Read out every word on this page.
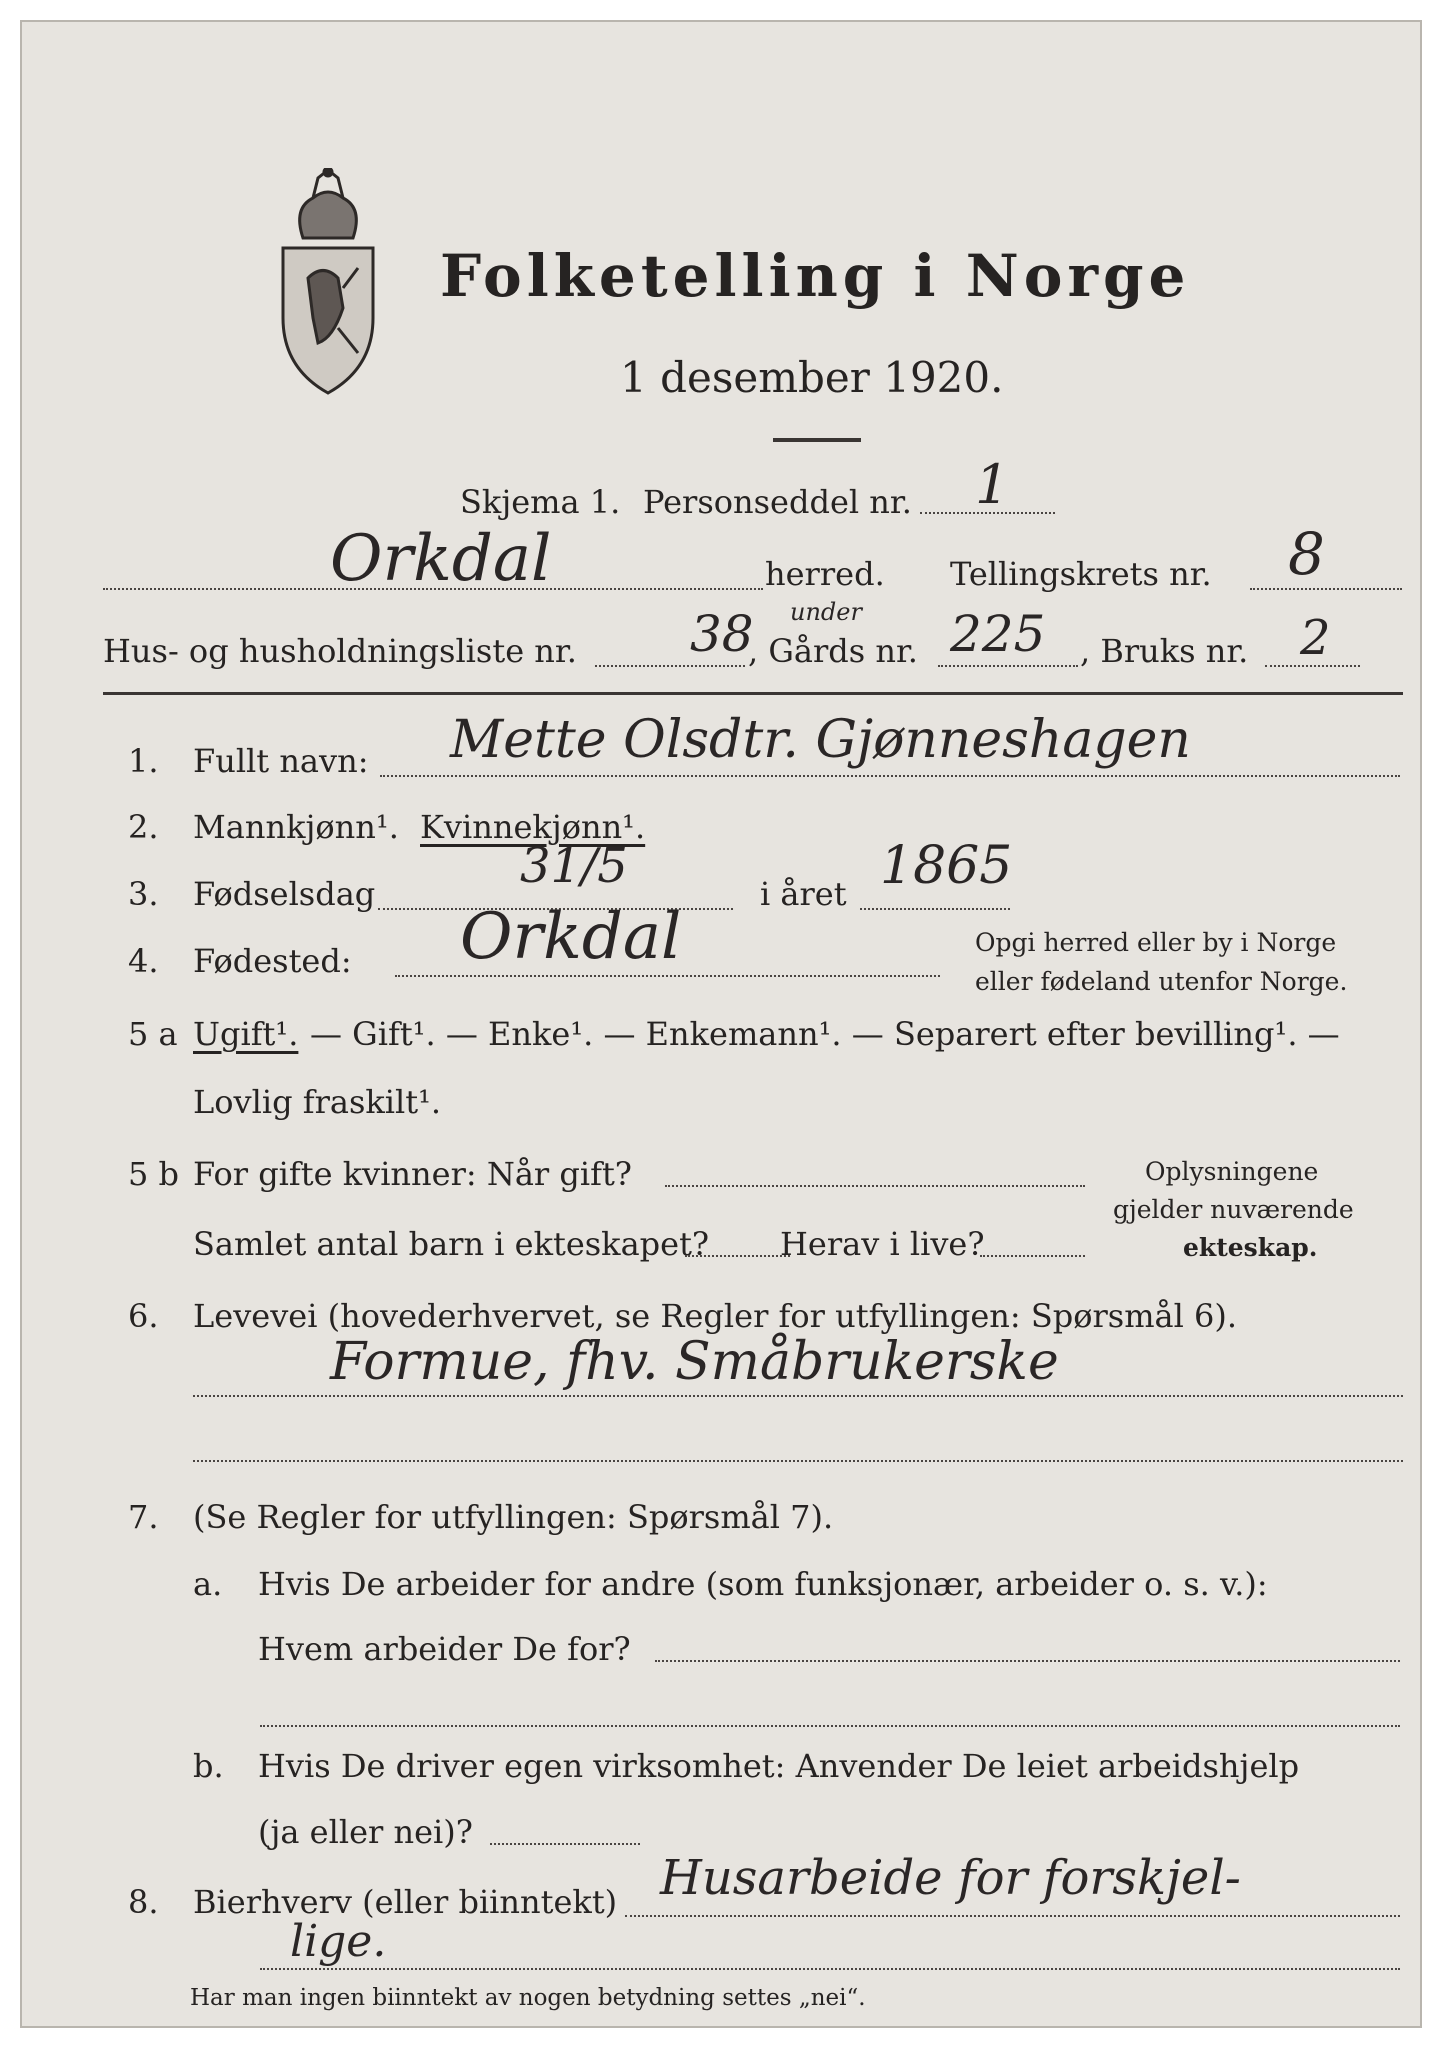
Folketelling i Norge
1 desember 1920.
Skjema 1. Personseddel nr. 1
Orkdal	herred. Tellingskrets nr. 8
Hus- og husholdningsliste nr. 38
, Gårds nr.
under 225 , Bruks nr. 2
1. Fullt navn: Mette Olsdtr. Gjønneshagen
2. Mannkjønn¹. Kvinnekjønn¹.
3. Fødselsdag	31/5	i året 1865
4. Fødested: Orkdal	Opgi herred eller by i Norge
eller fødeland utenfor Norge.
5 a Ugift¹. — Gift¹. — Enke¹. — Enkemann¹. — Separert efter bevilling¹. —
Lovlig fraskilt¹.
5 b For gifte kvinner: Når gift?
Samlet antal barn i ekteskapet? Herav i live?
Oplysningene
gjelder nuværende
ekteskap.
6. Levevei (hovederhvervet, se Regler for utfyllingen: Spørsmål 6).
Formue, fhv. Småbrukerske
7. (Se Regler for utfyllingen: Spørsmål 7).
a. Hvis De arbeider for andre (som funksjonær, arbeider o. s. v.):
Hvem arbeider De for?
b. Hvis De driver egen virksomhet: Anvender De leiet arbeidshjelp
(ja eller nei)?
8. Bierhverv (eller biinntekt) Husarbeide for forskjel-
lige.
Har man ingen biinntekt av nogen betydning settes „nei“.
